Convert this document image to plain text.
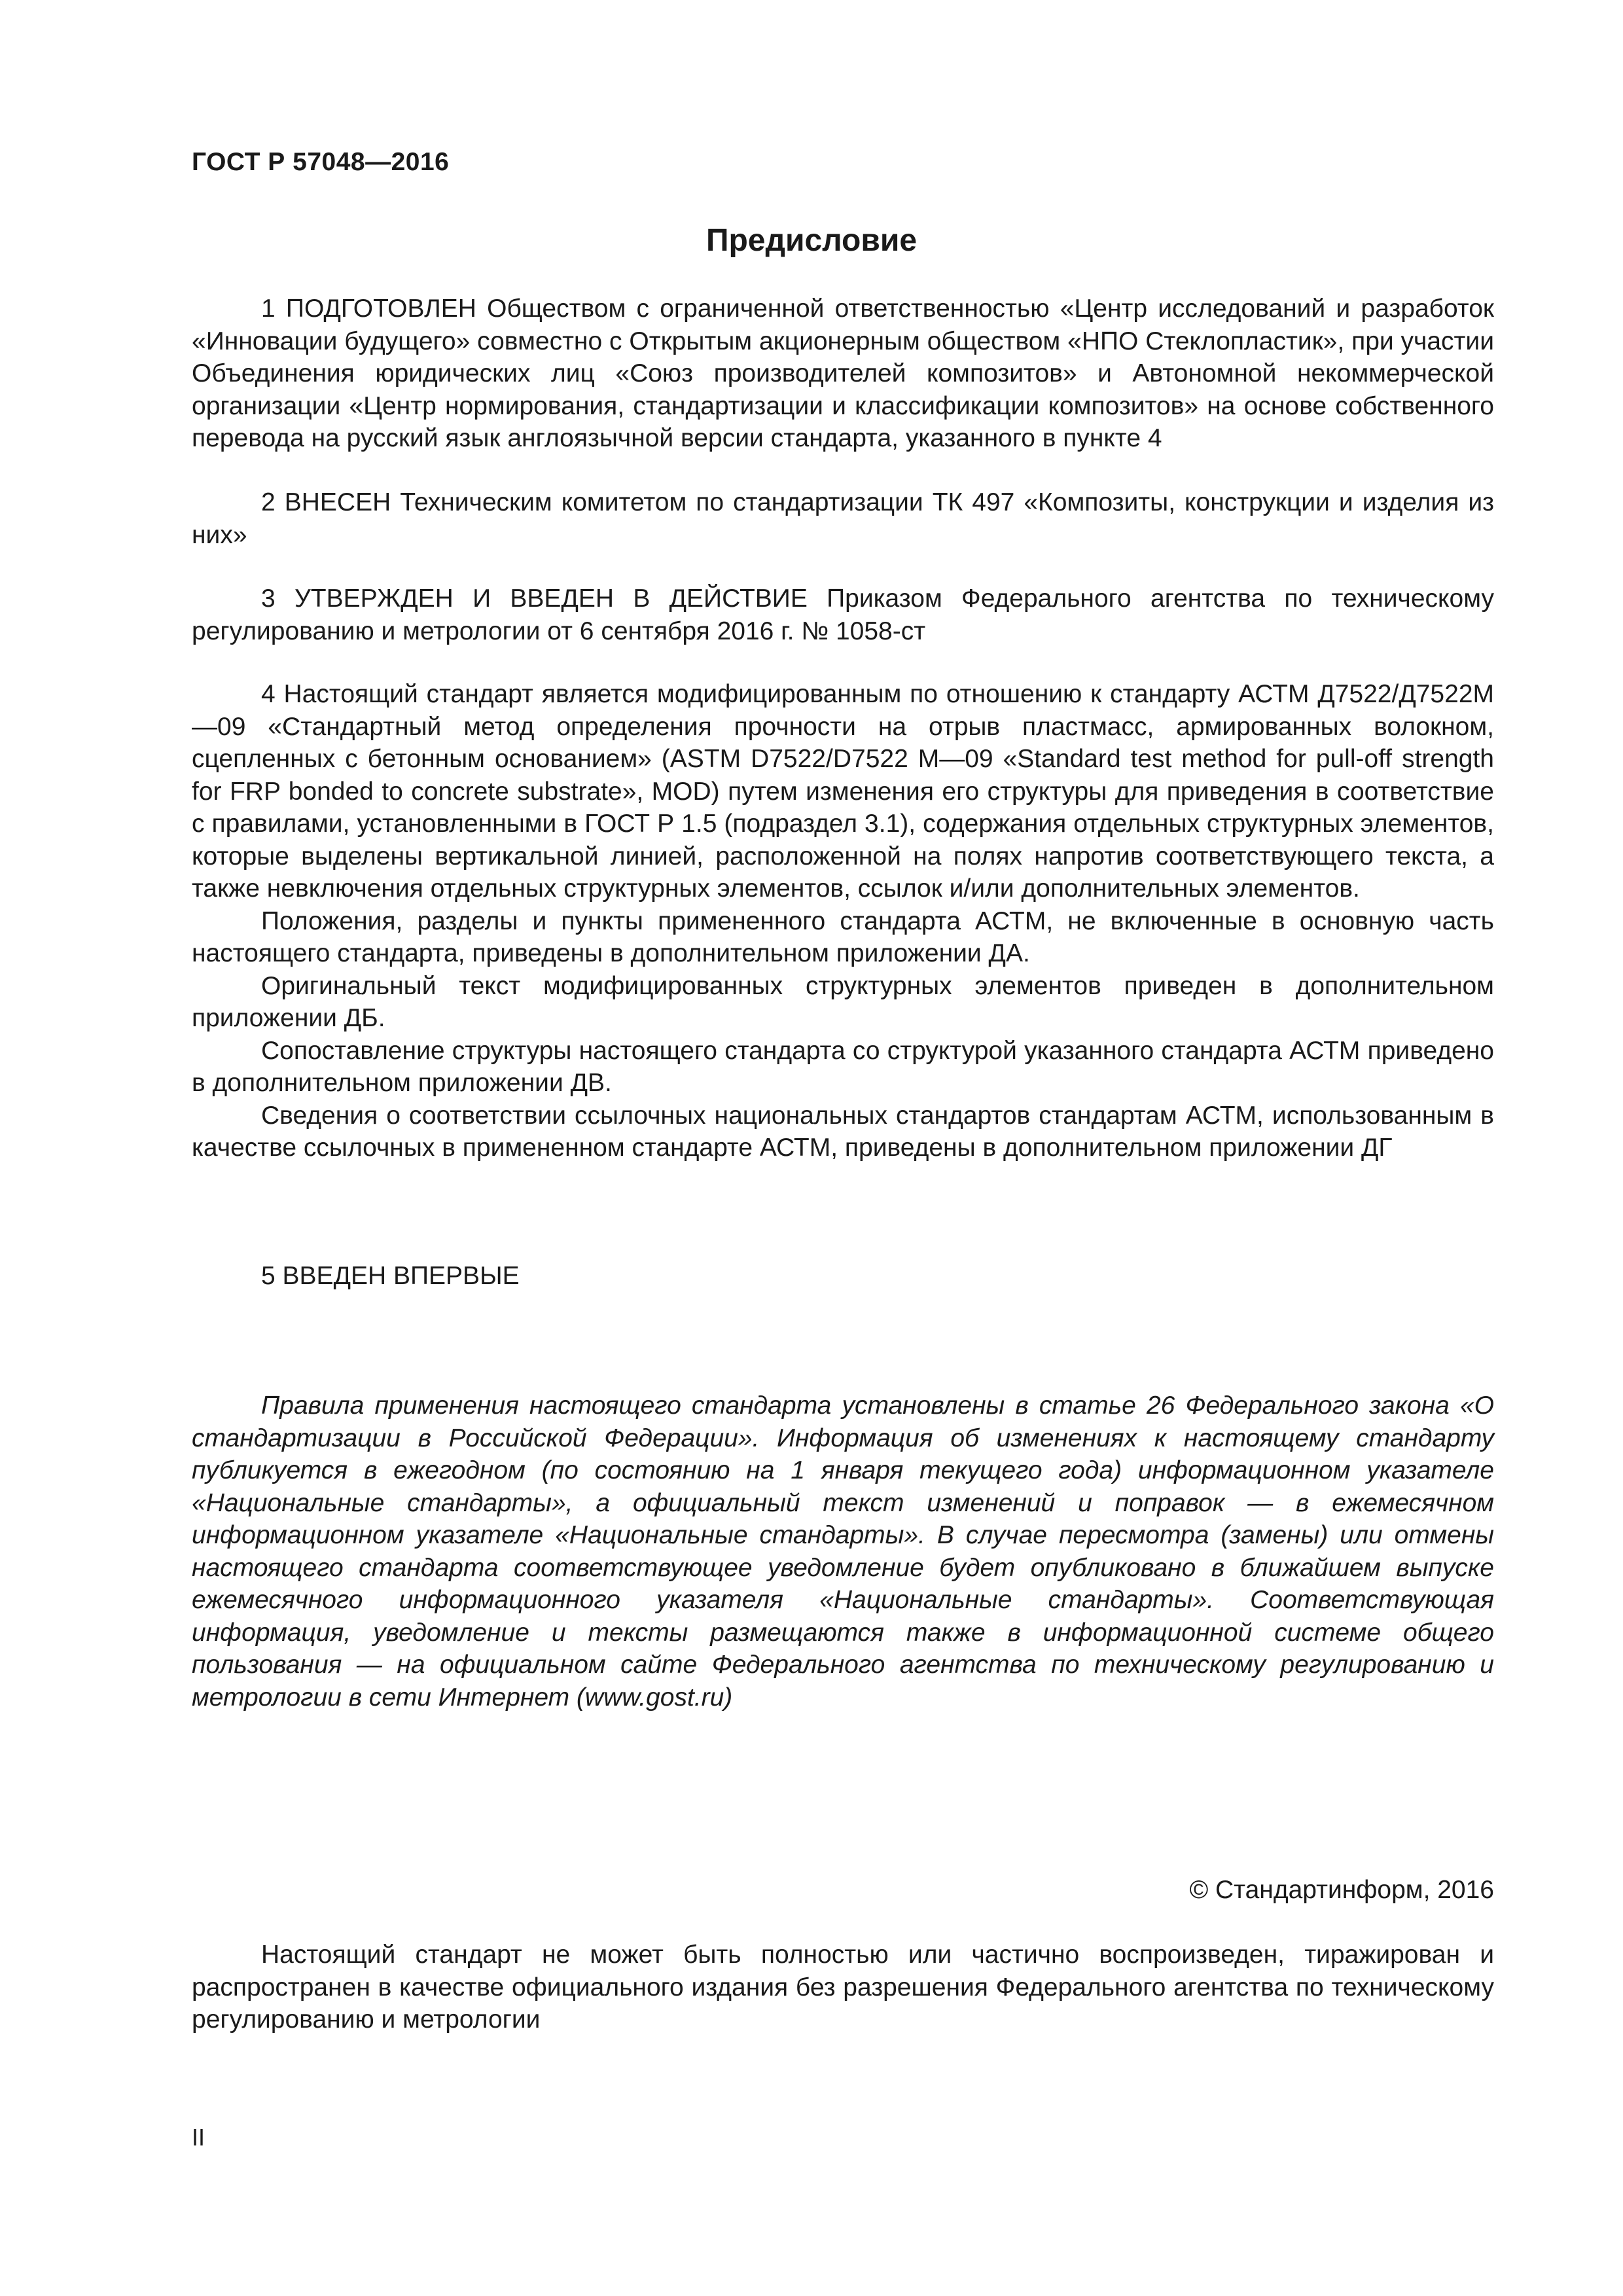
ГОСТ Р 57048—2016
Предисловие

1 ПОДГОТОВЛЕН Обществом с ограниченной ответственностью «Центр исследований и разработок «Инновации будущего» совместно с Открытым акционерным обществом «НПО Стеклопластик», при участии Объединения юридических лиц «Союз производителей композитов» и Автономной некоммерческой организации «Центр нормирования, стандартизации и классификации композитов» на основе собственного перевода на русский язык англоязычной версии стандарта, указанного в пункте 4

2 ВНЕСЕН Техническим комитетом по стандартизации ТК 497 «Композиты, конструкции и изделия из них»

3 УТВЕРЖДЕН И ВВЕДЕН В ДЕЙСТВИЕ Приказом Федерального агентства по техническому регулированию и метрологии от 6 сентября 2016 г. № 1058-ст

4 Настоящий стандарт является модифицированным по отношению к стандарту АСТМ Д7522/Д7522М—09 «Стандартный метод определения прочности на отрыв пластмасс, армированных волокном, сцепленных с бетонным основанием» (ASTM D7522/D7522 M—09 «Standard test method for pull-off strength for FRP bonded to concrete substrate», MOD) путем изменения его структуры для приведения в соответствие с правилами, установленными в ГОСТ Р 1.5 (подраздел 3.1), содержания отдельных структурных элементов, которые выделены вертикальной линией, расположенной на полях напротив соответствующего текста, а также невключения отдельных структурных элементов, ссылок и/или дополнительных элементов.

Положения, разделы и пункты примененного стандарта АСТМ, не включенные в основную часть настоящего стандарта, приведены в дополнительном приложении ДА.

Оригинальный текст модифицированных структурных элементов приведен в дополнительном приложении ДБ.

Сопоставление структуры настоящего стандарта со структурой указанного стандарта АСТМ приведено в дополнительном приложении ДВ.

Сведения о соответствии ссылочных национальных стандартов стандартам АСТМ, использованным в качестве ссылочных в примененном стандарте АСТМ, приведены в дополнительном приложении ДГ

5 ВВЕДЕН ВПЕРВЫЕ

Правила применения настоящего стандарта установлены в статье 26 Федерального закона «О стандартизации в Российской Федерации». Информация об изменениях к настоящему стандарту публикуется в ежегодном (по состоянию на 1 января текущего года) информационном указателе «Национальные стандарты», а официальный текст изменений и поправок — в ежемесячном информационном указателе «Национальные стандарты». В случае пересмотра (замены) или отмены настоящего стандарта соответствующее уведомление будет опубликовано в ближайшем выпуске ежемесячного информационного указателя «Национальные стандарты». Соответствующая информация, уведомление и тексты размещаются также в информационной системе общего пользования — на официальном сайте Федерального агентства по техническому регулированию и метрологии в сети Интернет (www.gost.ru)

© Стандартинформ, 2016

Настоящий стандарт не может быть полностью или частично воспроизведен, тиражирован и распространен в качестве официального издания без разрешения Федерального агентства по техническому регулированию и метрологии

II
